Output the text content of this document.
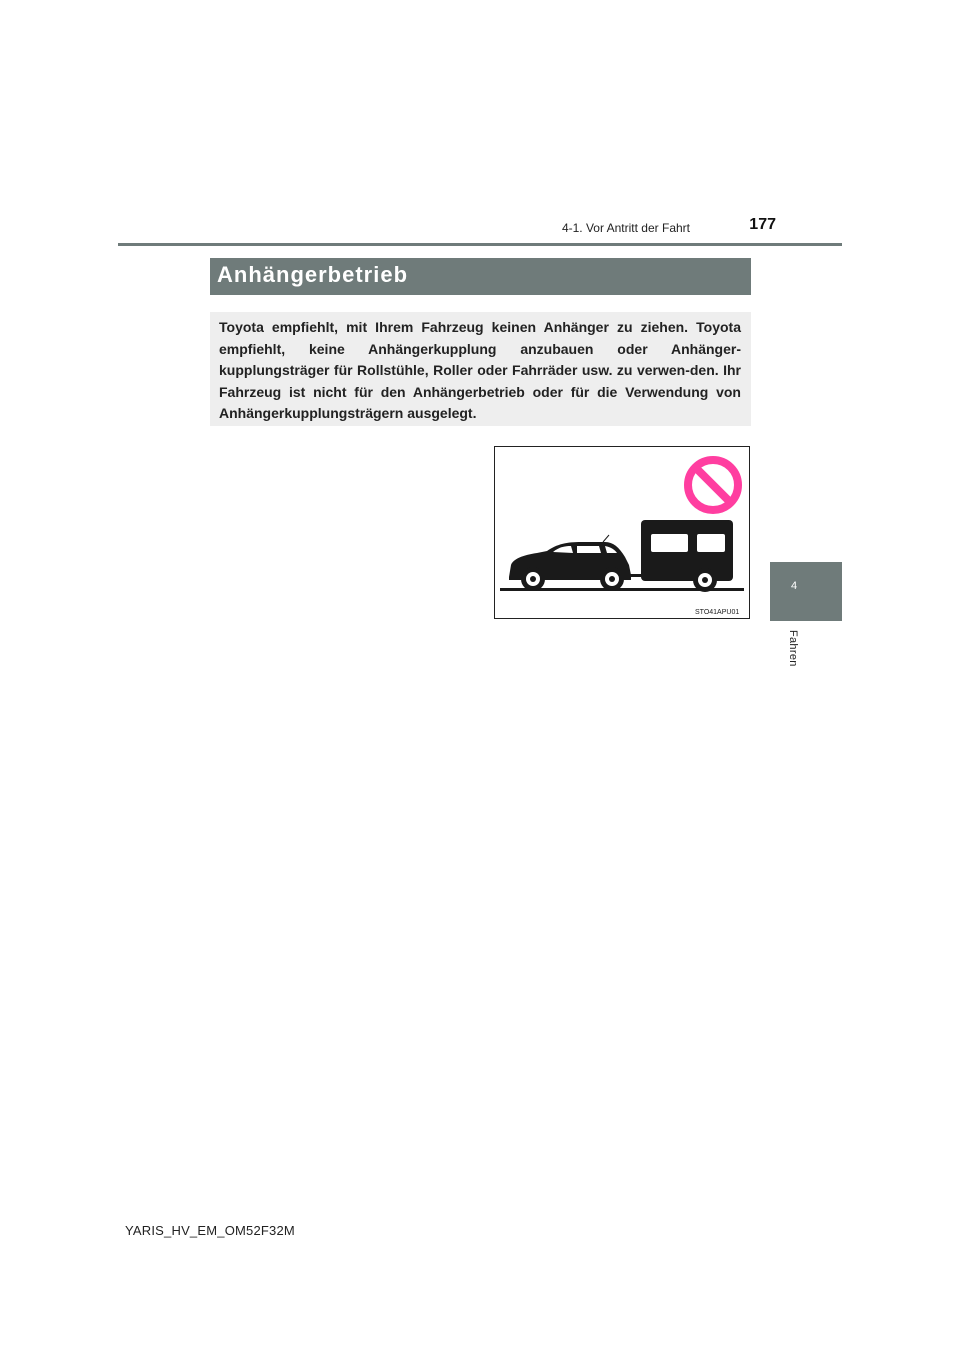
4-1. Vor Antritt der Fahrt	177
4
Fahren
Anhängerbetrieb

Toyota empfiehlt, mit Ihrem Fahrzeug keinen Anhänger zu ziehen. Toyota empfiehlt, keine Anhängerkupplung anzubauen oder Anhänger-kupplungsträger für Rollstühle, Roller oder Fahrräder usw. zu verwen-den. Ihr Fahrzeug ist nicht für den Anhängerbetrieb oder für die Verwendung von Anhängerkupplungsträgern ausgelegt.

STO41APU01
YARIS_HV_EM_OM52F32M
